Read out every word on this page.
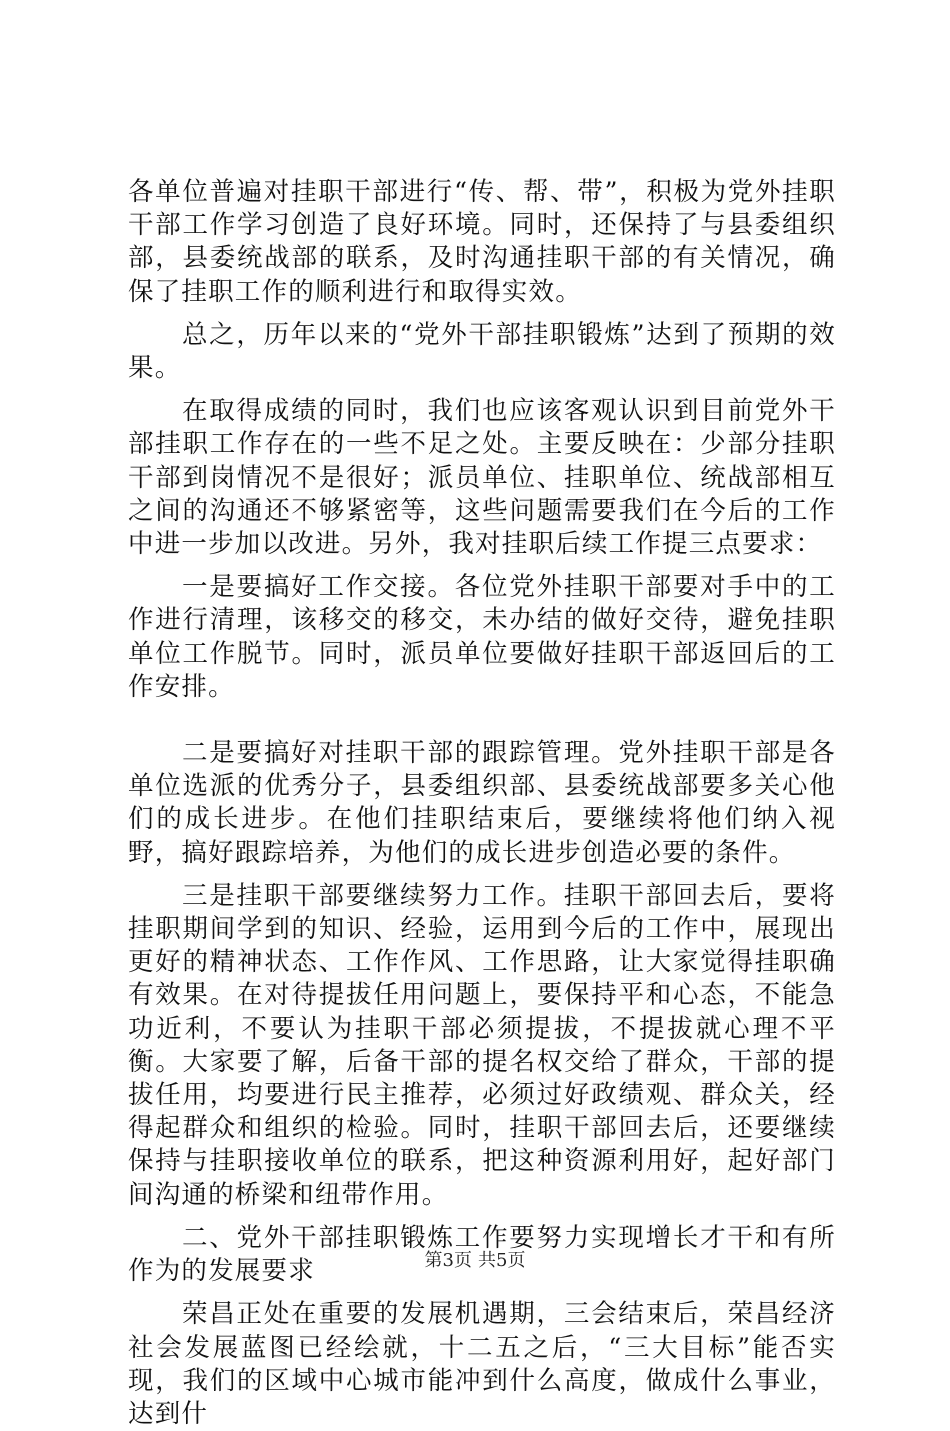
各单位普遍对挂职干部进行“传、帮、带”，积极为党外挂职干部工作学习创造了良好环境。同时，还保持了与县委组织部，县委统战部的联系，及时沟通挂职干部的有关情况，确保了挂职工作的顺利进行和取得实效。

总之，历年以来的“党外干部挂职锻炼”达到了预期的效果。

在取得成绩的同时，我们也应该客观认识到目前党外干部挂职工作存在的一些不足之处。主要反映在：少部分挂职干部到岗情况不是很好；派员单位、挂职单位、统战部相互之间的沟通还不够紧密等，这些问题需要我们在今后的工作中进一步加以改进。另外，我对挂职后续工作提三点要求：

一是要搞好工作交接。各位党外挂职干部要对手中的工作进行清理，该移交的移交，未办结的做好交待，避免挂职单位工作脱节。同时，派员单位要做好挂职干部返回后的工作安排。

二是要搞好对挂职干部的跟踪管理。党外挂职干部是各单位选派的优秀分子，县委组织部、县委统战部要多关心他们的成长进步。在他们挂职结束后，要继续将他们纳入视野，搞好跟踪培养，为他们的成长进步创造必要的条件。

三是挂职干部要继续努力工作。挂职干部回去后，要将挂职期间学到的知识、经验，运用到今后的工作中，展现出更好的精神状态、工作作风、工作思路，让大家觉得挂职确有效果。在对待提拔任用问题上，要保持平和心态，不能急功近利，不要认为挂职干部必须提拔，不提拔就心理不平衡。大家要了解，后备干部的提名权交给了群众，干部的提拔任用，均要进行民主推荐，必须过好政绩观、群众关，经得起群众和组织的检验。同时，挂职干部回去后，还要继续保持与挂职接收单位的联系，把这种资源利用好，起好部门间沟通的桥梁和纽带作用。

二、党外干部挂职锻炼工作要努力实现增长才干和有所作为的发展要求

荣昌正处在重要的发展机遇期，三会结束后，荣昌经济社会发展蓝图已经绘就，十二五之后，“三大目标”能否实现，我们的区域中心城市能冲到什么高度，做成什么事业，达到什

第3页 共5页
